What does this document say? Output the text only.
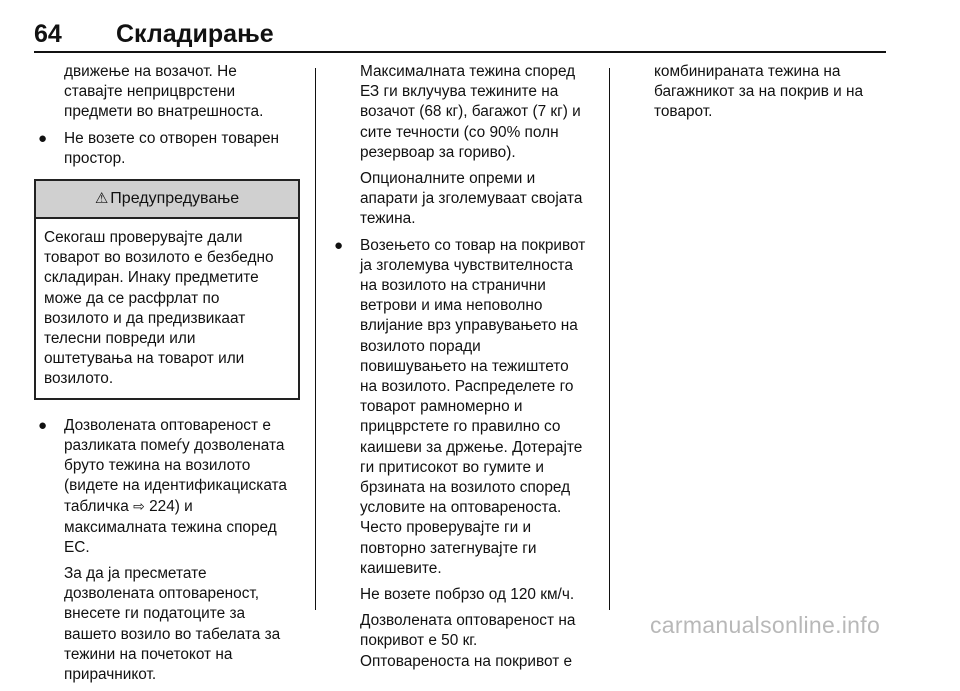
64 Складирање

движење на возачот. Не
ставајте неприцврстени
предмети во внатрешноста.

● Не возете со отворен товарен
простор.
⚠ Предупредување
Секогаш проверувајте дали
товарот во возилото е безбедно
складиран. Инаку предметите
може да се расфрлат по
возилото и да предизвикаат
телесни повреди или
оштетувања на товарот или
возилото.
● Дозволената оптовареност е
разликата помеѓу дозволената
бруто тежина на возилото
(видете на идентификациската
табличка ⇨ 224) и
максималната тежина според
ЕС.

За да ја пресметате
дозволената оптовареност,
внесете ги податоците за
вашето возило во табелата за
тежини на почетокот на
прирачникот.

Максималната тежина според
ЕЗ ги вклучува тежините на
возачот (68 кг), багажот (7 кг) и
сите течности (со 90% полн
резервоар за гориво).

Опционалните опреми и
апарати ја зголемуваат својата
тежина.

● Возењето со товар на покривот
ја зголемува чувствителноста
на возилото на странични
ветрови и има неповолно
влијание врз управувањето на
возилото поради
повишувањето на тежиштето
на возилото. Распределете го
товарот рамномерно и
прицврстете го правилно со
каишеви за држење. Дотерајте
ги притисокот во гумите и
брзината на возилото според
условите на оптовареноста.
Често проверувајте ги и
повторно затегнувајте ги
каишевите.

Не возете побрзо од 120 км/ч.

Дозволената оптовареност на
покривот е 50 кг.
Оптовареноста на покривот е

комбинираната тежина на
багажникот за на покрив и на
товарот.

carmanualsonline.info
